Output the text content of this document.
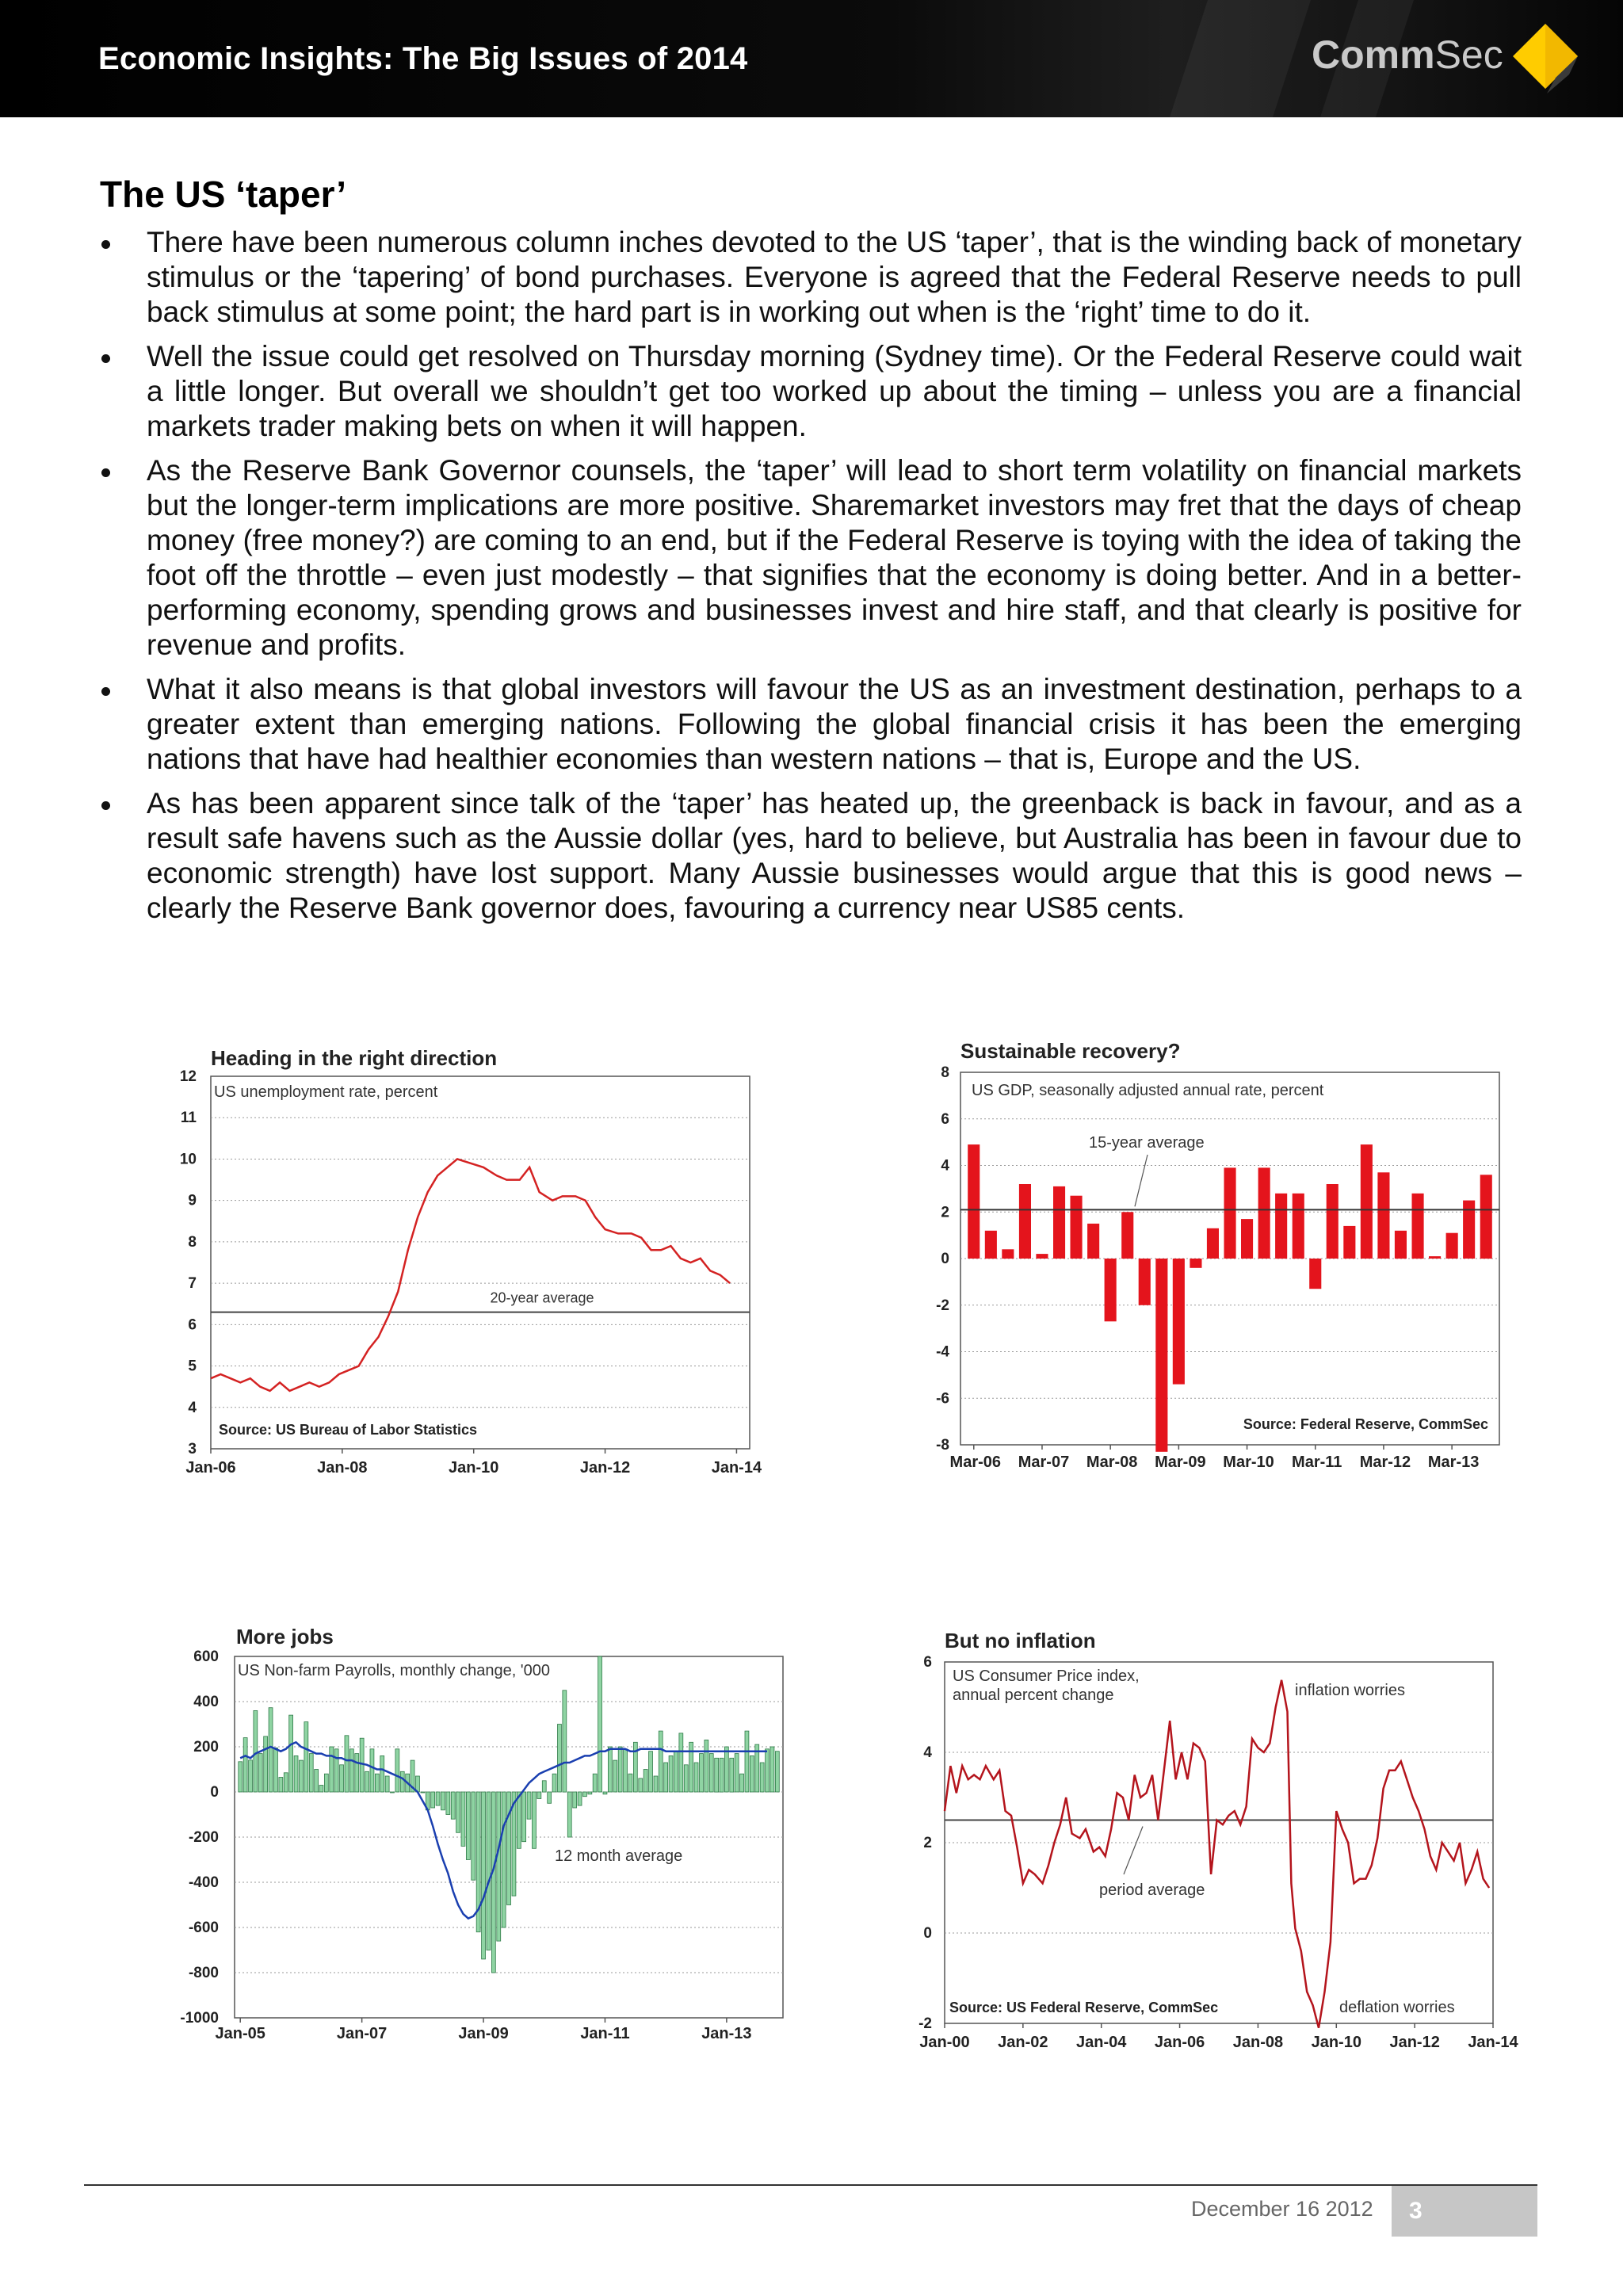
Economic Insights: The Big Issues of 2014	CommSec
The US ‘taper’
There have been numerous column inches devoted to the US ‘taper’, that is the winding back of monetary stimulus or the ‘tapering’ of bond purchases. Everyone is agreed that the Federal Reserve needs to pull back stimulus at some point; the hard part is in working out when is the ‘right’ time to do it.
Well the issue could get resolved on Thursday morning (Sydney time). Or the Federal Reserve could wait a little longer. But overall we shouldn’t get too worked up about the timing – unless you are a financial markets trader making bets on when it will happen.
As the Reserve Bank Governor counsels, the ‘taper’ will lead to short term volatility on financial markets but the longer-term implications are more positive. Sharemarket investors may fret that the days of cheap money (free money?) are coming to an end, but if the Federal Reserve is toying with the idea of taking the foot off the throttle – even just modestly – that signifies that the economy is doing better. And in a better-performing economy, spending grows and businesses invest and hire staff, and that clearly is positive for revenue and profits.
What it also means is that global investors will favour the US as an investment destination, perhaps to a greater extent than emerging nations. Following the global financial crisis it has been the emerging nations that have had healthier economies than western nations – that is, Europe and the US.
As has been apparent since talk of the ‘taper’ has heated up, the greenback is back in favour, and as a result safe havens such as the Aussie dollar (yes, hard to believe, but Australia has been in favour due to economic strength) have lost support. Many Aussie businesses would argue that this is good news – clearly the Reserve Bank governor does, favouring a currency near US85 cents.
Heading in the right direction
12
11
10
9
8
7
6
5
4
3
US unemployment rate, percent
20-year average
Source: US Bureau of Labor Statistics
Jan-06	Jan-08	Jan-10	Jan-12	Jan-14
Sustainable recovery?
8
6
4
2
0
-2
-4
-6
-8
US GDP, seasonally adjusted annual rate, percent
15-year average
Source: Federal Reserve, CommSec
Mar-06 Mar-07 Mar-08 Mar-09 Mar-10 Mar-11 Mar-12 Mar-13
More jobs
600
400
200
0
-200
-400
-600
-800
-1000
US Non-farm Payrolls, monthly change, '000
12 month average
Jan-05	Jan-07	Jan-09	Jan-11	Jan-13
But no inflation
6
4
2
0
-2
US Consumer Price index,
annual percent change	inflation worries
period average
deflation worries
Source: US Federal Reserve, CommSec
Jan-00 Jan-02 Jan-04 Jan-06 Jan-08 Jan-10 Jan-12 Jan-14
December 16 2012	3
